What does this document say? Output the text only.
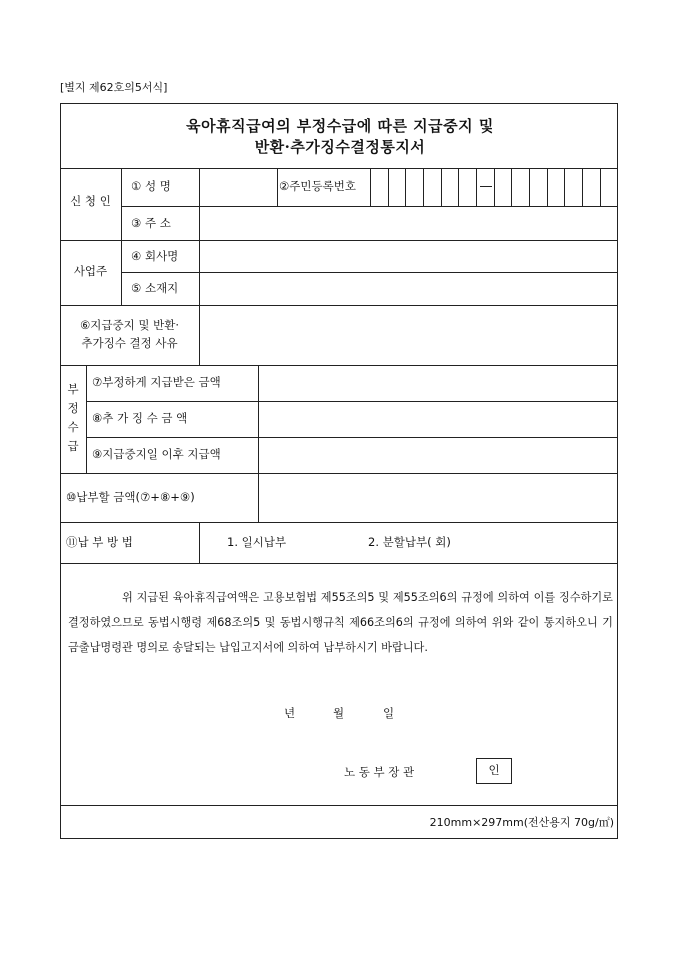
[별지 제62호의5서식]
육아휴직급여의 부정수급에 따른 지급중지 및
반환·추가징수결정통지서
신 청 인
① 성 명	②주민등록번호
③ 주 소
사업주
④ 회사명
⑤ 소재지
⑥지급중지 및 반환·
추가징수 결정 사유
부
정
수
급
⑦부정하게 지급받은 금액
⑧추 가 징 수 금 액
⑨지급중지일 이후 지급액
⑩납부할 금액(⑦+⑧+⑨)
⑪납 부 방 법	1. 일시납부	2. 분할납부( 회)
위 지급된 육아휴직급여액은 고용보험법 제55조의5 및 제55조의6의 규정에 의하여 이를 징수하기로 결정하였으므로 동법시행령 제68조의5 및 동법시행규칙 제66조의6의 규정에 의하여 위와 같이 통지하오니 기금출납명령관 명의로 송달되는 납입고지서에 의하여 납부하시기 바랍니다.
년	월	일
노 동 부 장 관	인
210mm×297mm(전산용지 70g/㎡)
